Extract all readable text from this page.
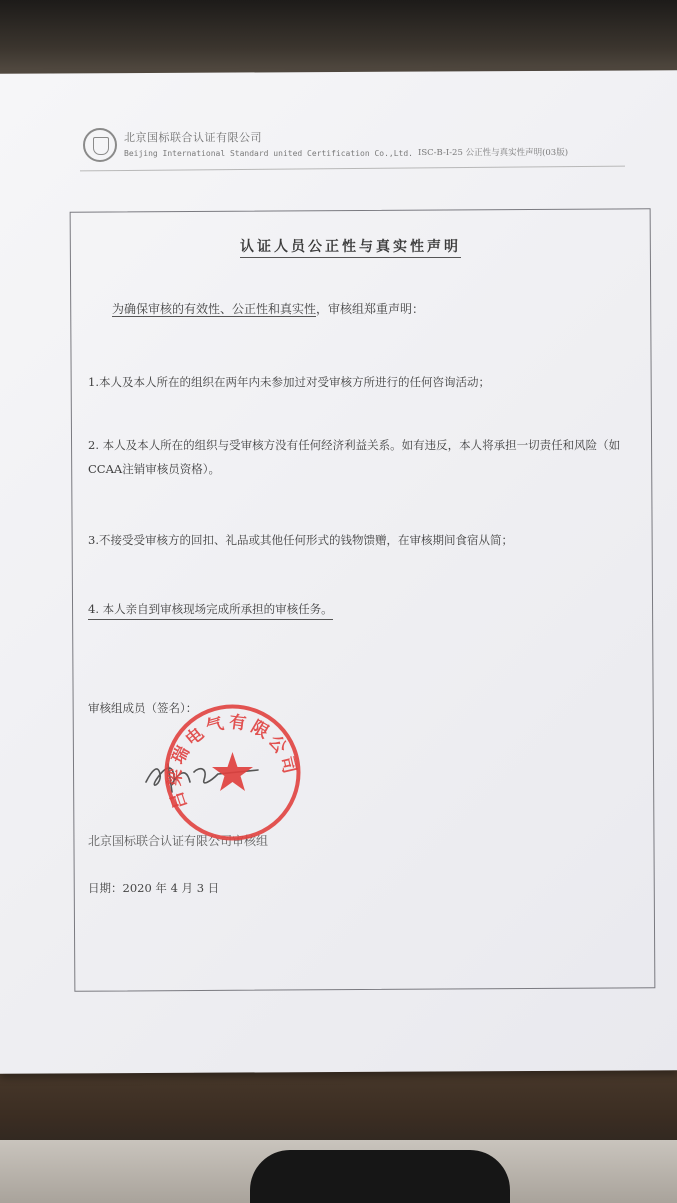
北京国标联合认证有限公司
Beijing International Standard united Certification Co.,Ltd. ISC-B-I-25 公正性与真实性声明(03版)
认证人员公正性与真实性声明
为确保审核的有效性、公正性和真实性，审核组郑重声明：
1.本人及本人所在的组织在两年内未参加过对受审核方所进行的任何咨询活动；
2. 本人及本人所在的组织与受审核方没有任何经济利益关系。如有违反，本人将承担一切责任和风险（如CCAA注销审核员资格）。
3.不接受受审核方的回扣、礼品或其他任何形式的钱物馈赠，在审核期间食宿从简；
4. 本人亲自到审核现场完成所承担的审核任务。
审核组成员（签名）：
北京国标联合认证有限公司审核组
日期：2020 年 4 月 3 日
吕梁瑞电气有限公司
